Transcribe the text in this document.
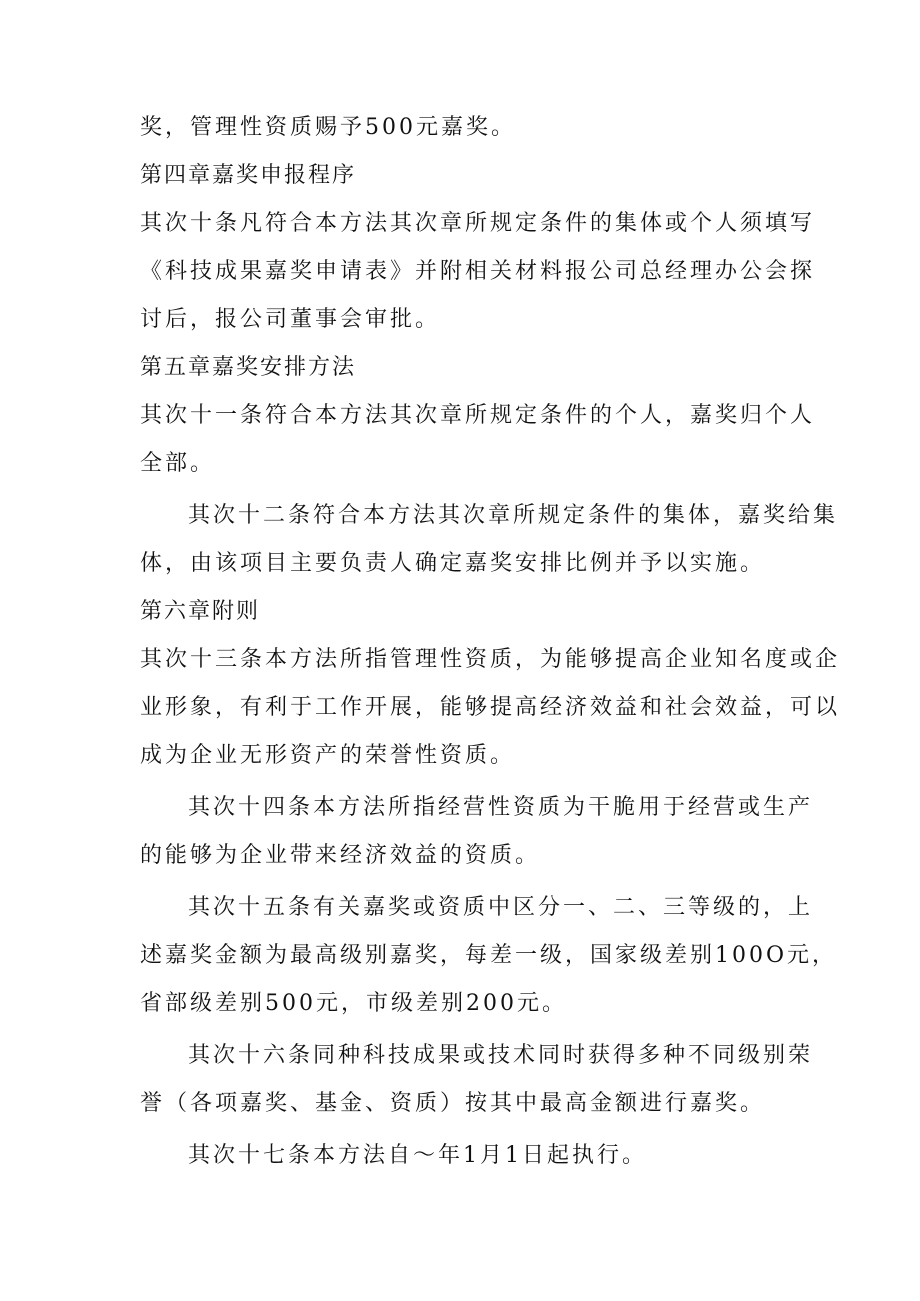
奖，管理性资质赐予500元嘉奖。
第四章嘉奖申报程序
其次十条凡符合本方法其次章所规定条件的集体或个人须填写
《科技成果嘉奖申请表》并附相关材料报公司总经理办公会探
讨后，报公司董事会审批。
第五章嘉奖安排方法
其次十一条符合本方法其次章所规定条件的个人，嘉奖归个人
全部。
其次十二条符合本方法其次章所规定条件的集体，嘉奖给集
体，由该项目主要负责人确定嘉奖安排比例并予以实施。
第六章附则
其次十三条本方法所指管理性资质，为能够提高企业知名度或企
业形象，有利于工作开展，能够提高经济效益和社会效益，可以
成为企业无形资产的荣誉性资质。
其次十四条本方法所指经营性资质为干脆用于经营或生产
的能够为企业带来经济效益的资质。
其次十五条有关嘉奖或资质中区分一、二、三等级的，上
述嘉奖金额为最高级别嘉奖，每差一级，国家级差别100O元，
省部级差别500元，市级差别200元。
其次十六条同种科技成果或技术同时获得多种不同级别荣
誉（各项嘉奖、基金、资质）按其中最高金额进行嘉奖。
其次十七条本方法自～年1月1日起执行。
